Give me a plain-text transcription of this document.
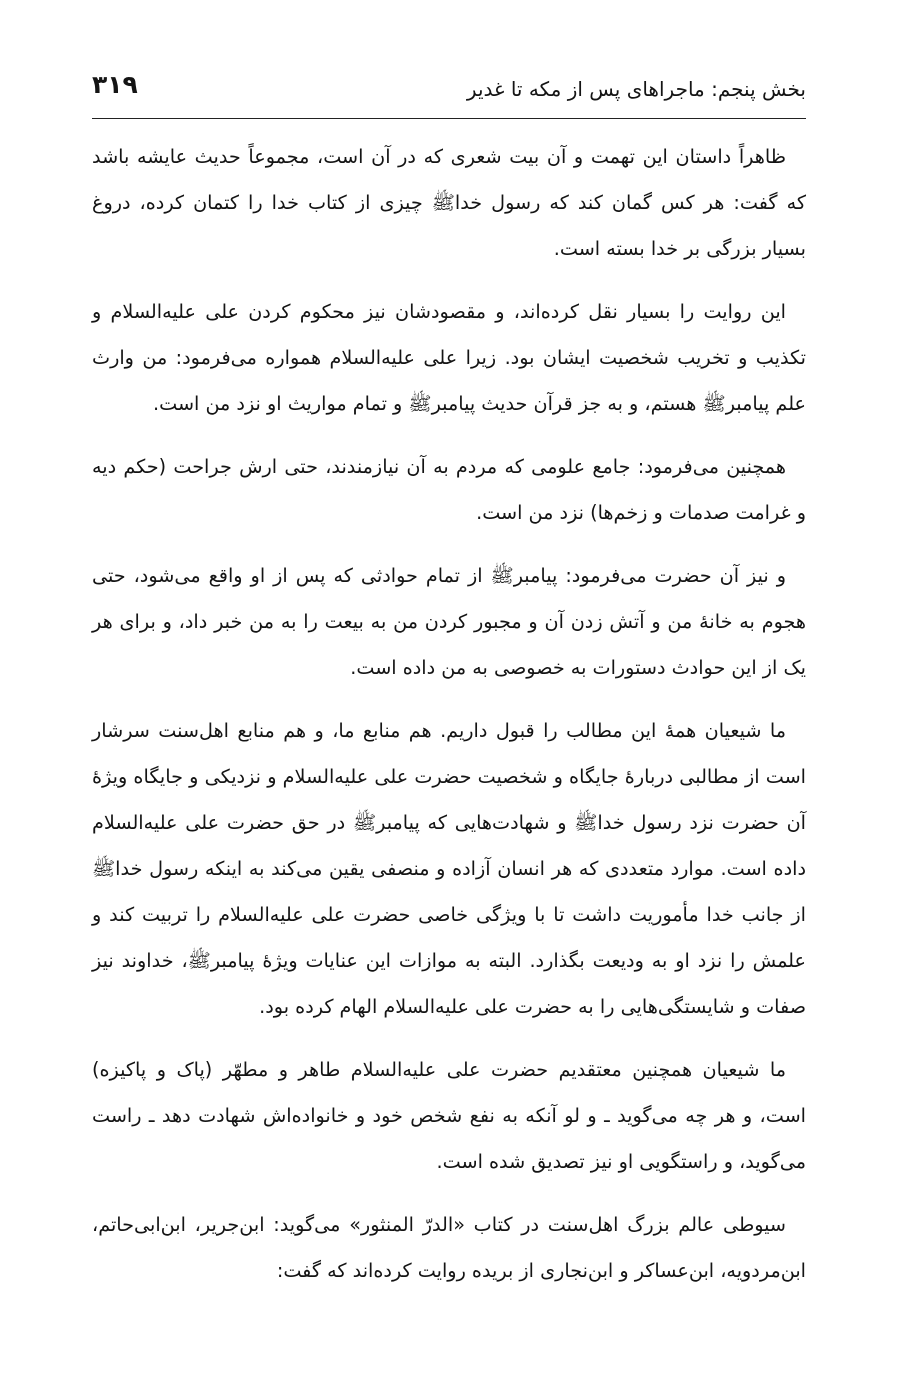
بخش پنجم: ماجراهای پس از مکه تا غدیر
۳۱۹

ظاهراً داستان این تهمت و آن بیت شعری که در آن است، مجموعاً حدیث عایشه باشد که گفت: هر کس گمان کند که رسول خداﷺ چیزی از کتاب خدا را کتمان کرده، دروغ بسیار بزرگی بر خدا بسته است.

این روایت را بسیار نقل کرده‌اند، و مقصودشان نیز محکوم کردن علی علیه‌السلام و تکذیب و تخریب شخصیت ایشان بود. زیرا علی علیه‌السلام همواره می‌فرمود: من وارث علم پیامبرﷺ هستم، و به جز قرآن حدیث پیامبرﷺ و تمام مواریث او نزد من است.

همچنین می‌فرمود: جامع علومی که مردم به آن نیازمندند، حتی ارش جراحت (حکم دیه و غرامت صدمات و زخم‌ها) نزد من است.

و نیز آن حضرت می‌فرمود: پیامبرﷺ از تمام حوادثی که پس از او واقع می‌شود، حتی هجوم به خانهٔ من و آتش زدن آن و مجبور کردن من به بیعت را به من خبر داد، و برای هر یک از این حوادث دستورات به خصوصی به من داده است.

ما شیعیان همهٔ این مطالب را قبول داریم. هم منابع ما، و هم منابع اهل‌سنت سرشار است از مطالبی دربارهٔ جایگاه و شخصیت حضرت علی علیه‌السلام و نزدیکی و جایگاه ویژهٔ آن حضرت نزد رسول خداﷺ و شهادت‌هایی که پیامبرﷺ در حق حضرت علی علیه‌السلام داده است. موارد متعددی که هر انسان آزاده و منصفی یقین می‌کند به اینکه رسول خداﷺ از جانب خدا مأموریت داشت تا با ویژگی خاصی حضرت علی علیه‌السلام را تربیت کند و علمش را نزد او به ودیعت بگذارد. البته به موازات این عنایات ویژهٔ پیامبرﷺ، خداوند نیز صفات و شایستگی‌هایی را به حضرت علی علیه‌السلام الهام کرده بود.

ما شیعیان همچنین معتقدیم حضرت علی علیه‌السلام طاهر و مطهّر (پاک و پاکیزه) است، و هر چه می‌گوید ـ و لو آنکه به نفع شخص خود و خانواده‌اش شهادت دهد ـ راست می‌گوید، و راستگویی او نیز تصدیق شده است.

سیوطی عالم بزرگ اهل‌سنت در کتاب «الدرّ المنثور» می‌گوید: ابن‌جریر، ابن‌ابی‌حاتم، ابن‌مردویه، ابن‌عساکر و ابن‌نجاری از بریده روایت کرده‌اند که گفت:
